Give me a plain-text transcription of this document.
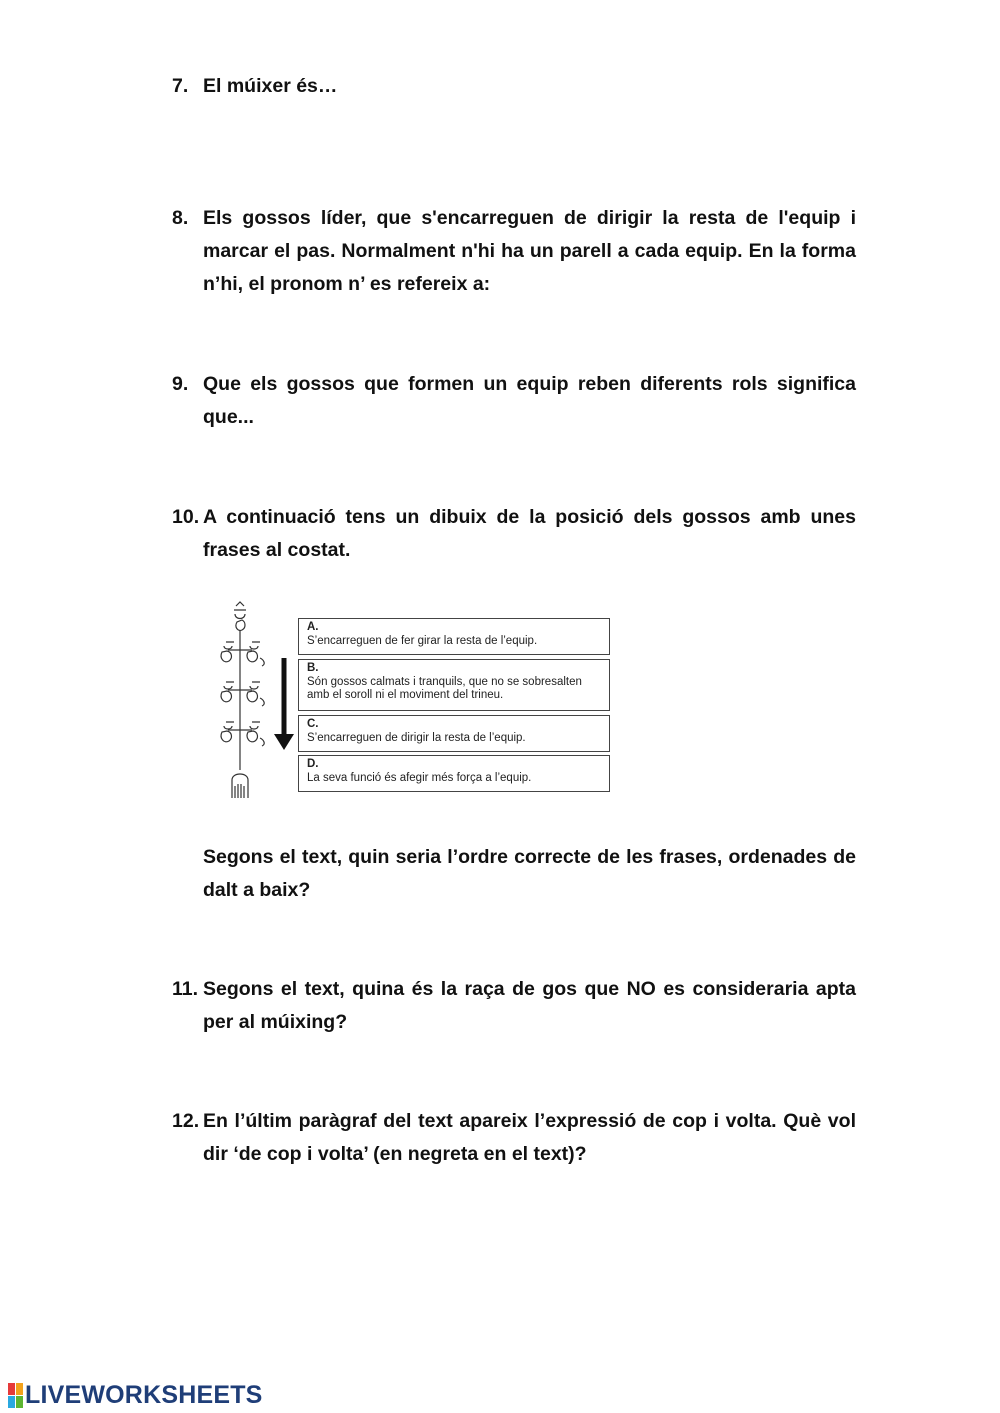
7. El múixer és…
8. Els gossos líder, que s'encarreguen de dirigir la resta de l'equip i marcar el pas. Normalment n'hi ha un parell a cada equip. En la forma n’hi, el pronom n’ es refereix a:
9. Que els gossos que formen un equip reben diferents rols significa que...
10. A continuació tens un dibuix de la posició dels gossos amb unes frases al costat.
A.
S’encarreguen de fer girar la resta de l’equip.
B.
Són gossos calmats i tranquils, que no se sobresalten amb el soroll ni el moviment del trineu.
C.
S’encarreguen de dirigir la resta de l’equip.
D.
La seva funció és afegir més força a l’equip.
Segons el text, quin seria l’ordre correcte de les frases, ordenades de dalt a baix?
11. Segons el text, quina és la raça de gos que NO es consideraria apta per al múixing?
12. En l’últim paràgraf del text apareix l’expressió de cop i volta. Què vol dir ‘de cop i volta’ (en negreta en el text)?
LIVEWORKSHEETS
